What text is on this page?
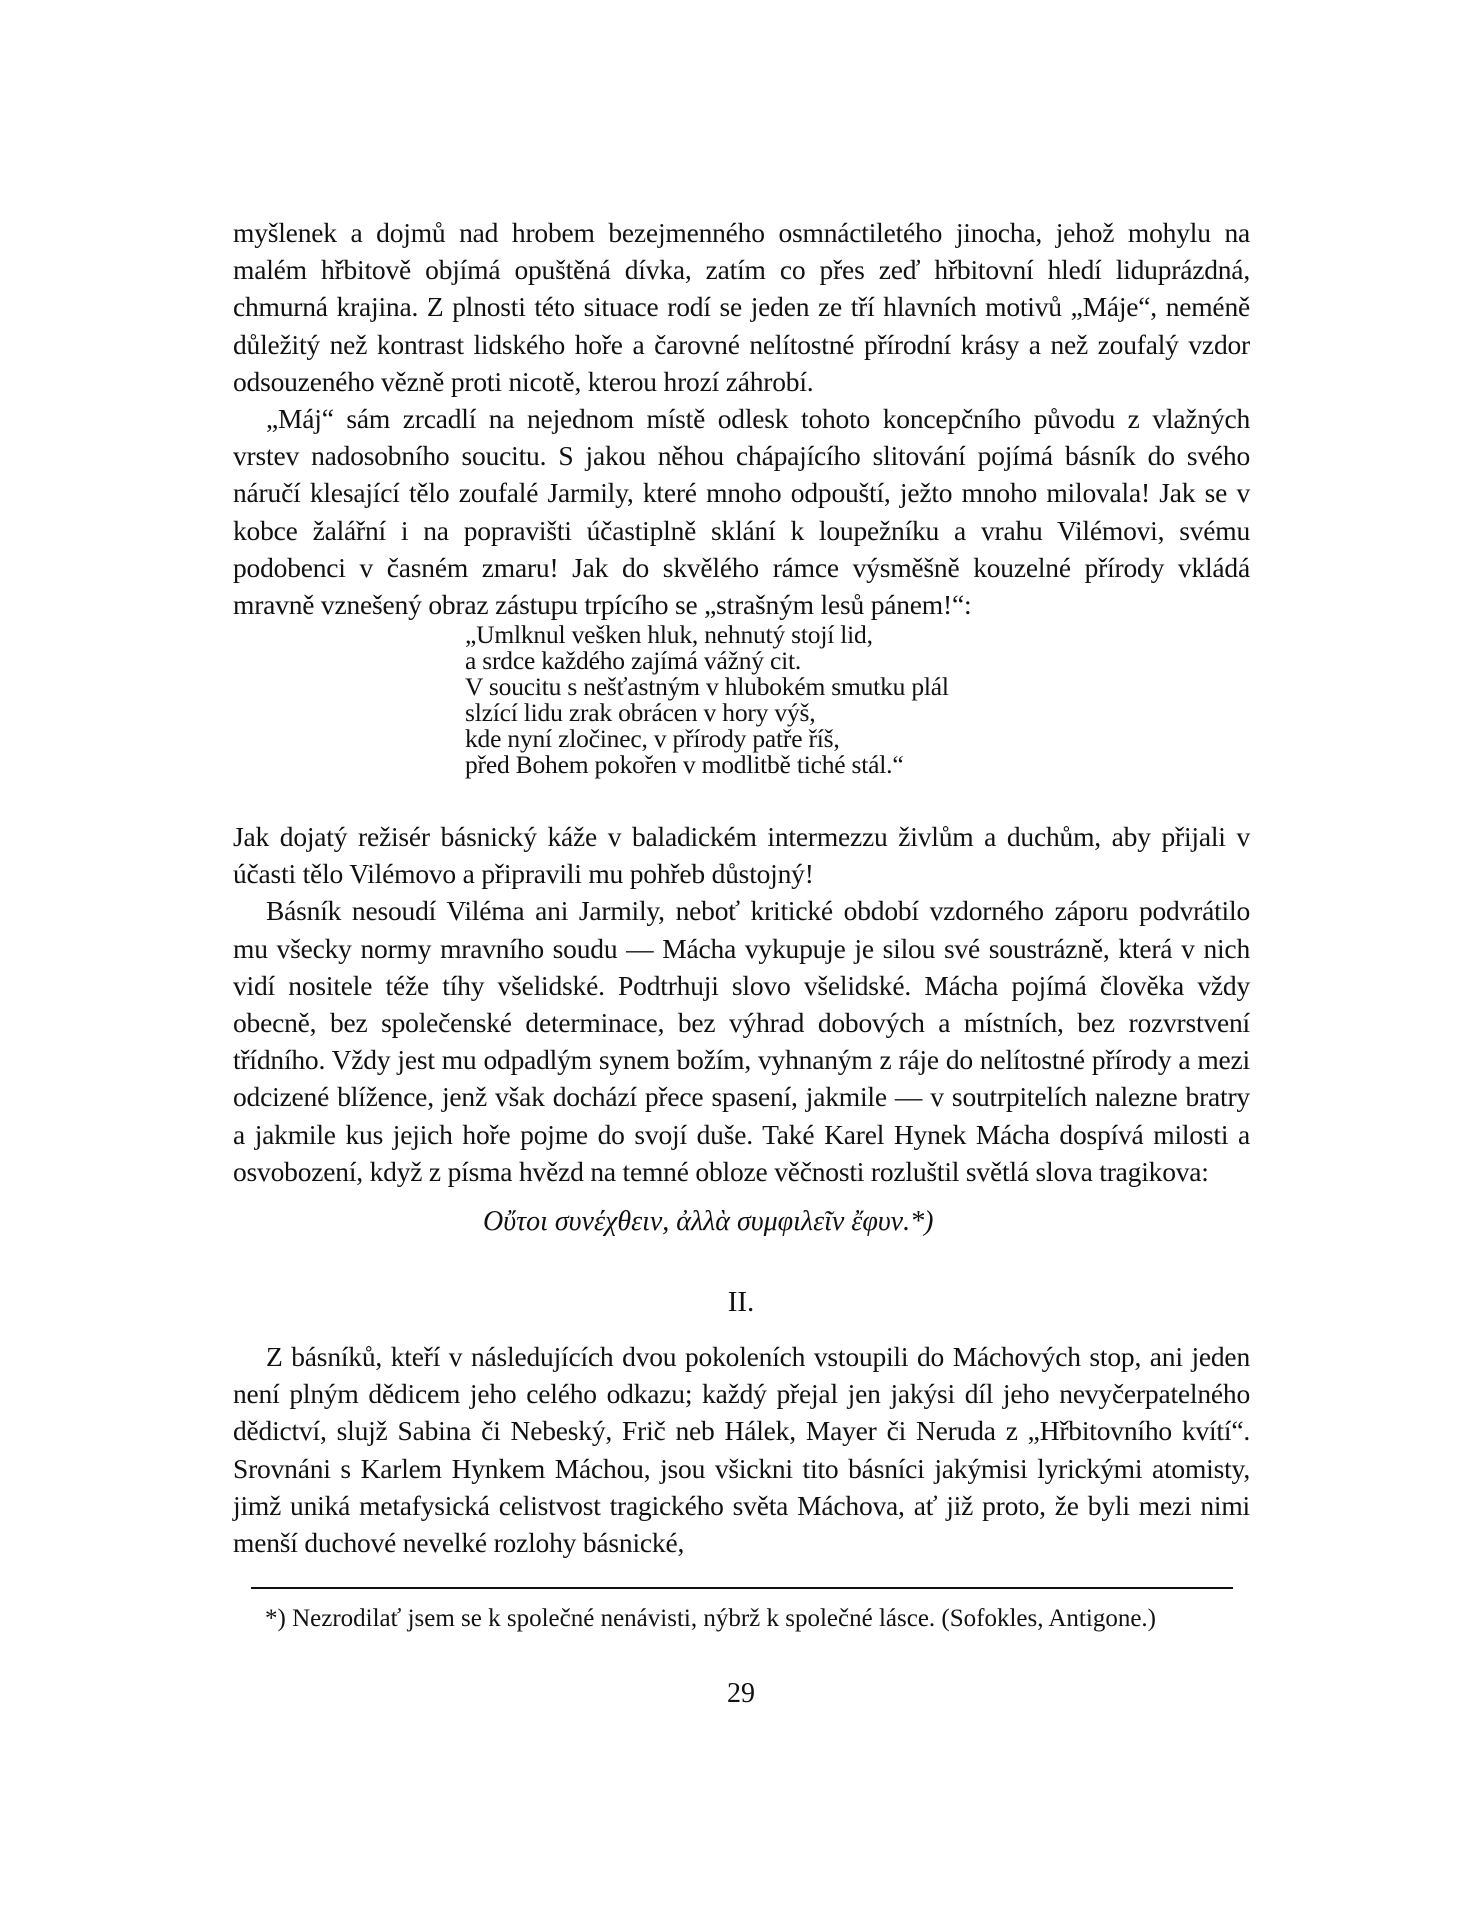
myšlenek a dojmů nad hrobem bezejmenného osmnáctiletého jinocha, jehož mohylu na malém hřbitově objímá opuštěná dívka, zatím co přes zeď hřbitovní hledí liduprázdná, chmurná krajina. Z plnosti této situace rodí se jeden ze tří hlavních motivů „Máje“, neméně důležitý než kontrast lidského hoře a čarovné nelítostné přírodní krásy a než zoufalý vzdor odsouzeného vězně proti nicotě, kterou hrozí záhrobí.

„Máj“ sám zrcadlí na nejednom místě odlesk tohoto koncepčního původu z vlažných vrstev nadosobního soucitu. S jakou něhou chápajícího slitování pojímá básník do svého náručí klesající tělo zoufalé Jarmily, které mnoho odpouští, ježto mnoho milovala! Jak se v kobce žalářní i na popravišti účastiplně sklání k loupežníku a vrahu Vilémovi, svému podobenci v časném zmaru! Jak do skvělého rámce výsměšně kouzelné přírody vkládá mravně vznešený obraz zástupu trpícího se „strašným lesů pánem!“:

„Umlknul vešken hluk, nehnutý stojí lid,
a srdce každého zajímá vážný cit.
V soucitu s nešťastným v hlubokém smutku plál
slzící lidu zrak obrácen v hory výš,
kde nyní zločinec, v přírody patře říš,
před Bohem pokořen v modlitbě tiché stál.“

Jak dojatý režisér básnický káže v baladickém intermezzu živlům a duchům, aby přijali v účasti tělo Vilémovo a připravili mu pohřeb důstojný!

Básník nesoudí Viléma ani Jarmily, neboť kritické období vzdorného záporu podvrátilo mu všecky normy mravního soudu — Mácha vykupuje je silou své soustrázně, která v nich vidí nositele téže tíhy všelidské. Podtrhuji slovo všelidské. Mácha pojímá člověka vždy obecně, bez společenské determinace, bez výhrad dobových a místních, bez rozvrstvení třídního. Vždy jest mu odpadlým synem božím, vyhnaným z ráje do nelítostné přírody a mezi odcizené blížence, jenž však dochází přece spasení, jakmile — v soutrpitelích nalezne bratry a jakmile kus jejich hoře pojme do svojí duše. Také Karel Hynek Mácha dospívá milosti a osvobození, když z písma hvězd na temné obloze věčnosti rozluštil světlá slova tragikova:

Οὔτοι συνέχθειν, ἀλλὰ συμφιλεῖν ἔφυν.*)
II.

Z básníků, kteří v následujících dvou pokoleních vstoupili do Máchových stop, ani jeden není plným dědicem jeho celého odkazu; každý přejal jen jakýsi díl jeho nevyčerpatelného dědictví, slujž Sabina či Nebeský, Frič neb Hálek, Mayer či Neruda z „Hřbitovního kvítí“. Srovnáni s Karlem Hynkem Máchou, jsou všickni tito básníci jakýmisi lyrickými atomisty, jimž uniká metafysická celistvost tragického světa Máchova, ať již proto, že byli mezi nimi menší duchové nevelké rozlohy básnické,

*) Nezrodilať jsem se k společné nenávisti, nýbrž k společné lásce. (Sofokles, Antigone.)
29
